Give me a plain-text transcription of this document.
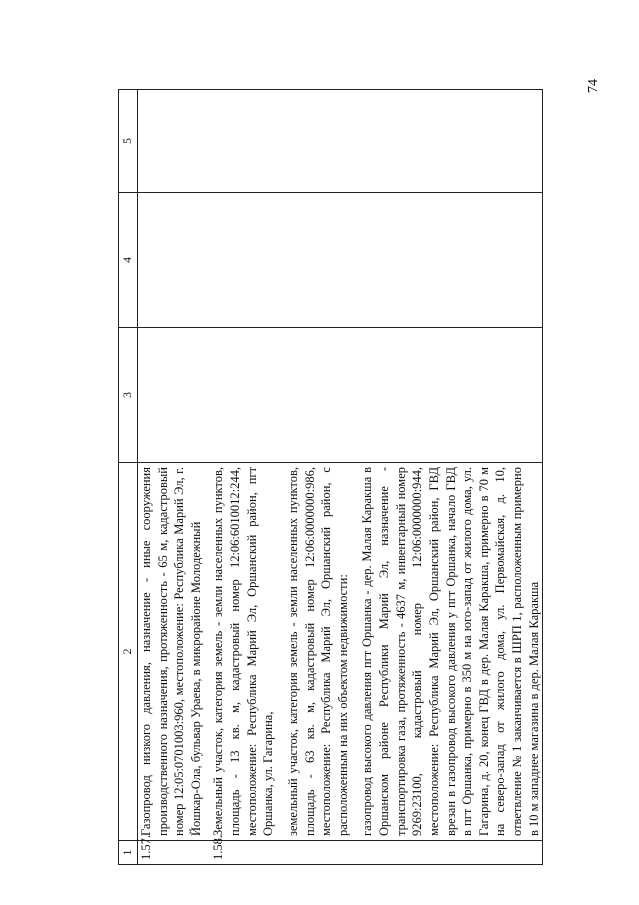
74
1	2	3	4	5
1.57.	Газопровод низкого давления, назначение - иные сооружения производственного назначения, протяженность - 65 м, кадастровый номер 12:05:0701003:960, местоположение: Республика Марий Эл, г. Йошкар-Ола, бульвар Ураева, в микрорайоне Молодежный			

1.58.	Земельный участок, категория земель - земли населенных пунктов, площадь - 13 кв. м, кадастровый номер 12:06:6010012:244, местоположение: Республика Марий Эл, Оршанский район, пгт Оршанка, ул. Гагарина, земельный участок, категория земель - земли населенных пунктов, площадь - 63 кв. м, кадастровый номер 12:06:0000000:986, местоположение: Республика Марий Эл, Оршанский район, с расположенным на них объектом недвижимости: газопровод высокого давления пгт Оршанка - дер. Малая Каракша в Оршанском районе Республики Марий Эл, назначение - транспортировка газа, протяженность - 4637 м, инвентарный номер 9269:23100, кадастровый номер 12:06:0000000:944, местоположение: Республика Марий Эл, Оршанский район, ГВД врезан в газопровод высокого давления у пгт Оршанка, начало ГВД в пгт Оршанка, примерно в 350 м на юго-запад от жилого дома, ул. Гагарина, д. 20, конец ГВД в дер. Малая Каракша, примерно в 70 м на северо-запад от жилого дома, ул. Первомайская, д. 10, ответвление № 1 заканчивается в ШРП 1, расположенным примерно в 10 м западнее магазина в дер. Малая Каракша			
